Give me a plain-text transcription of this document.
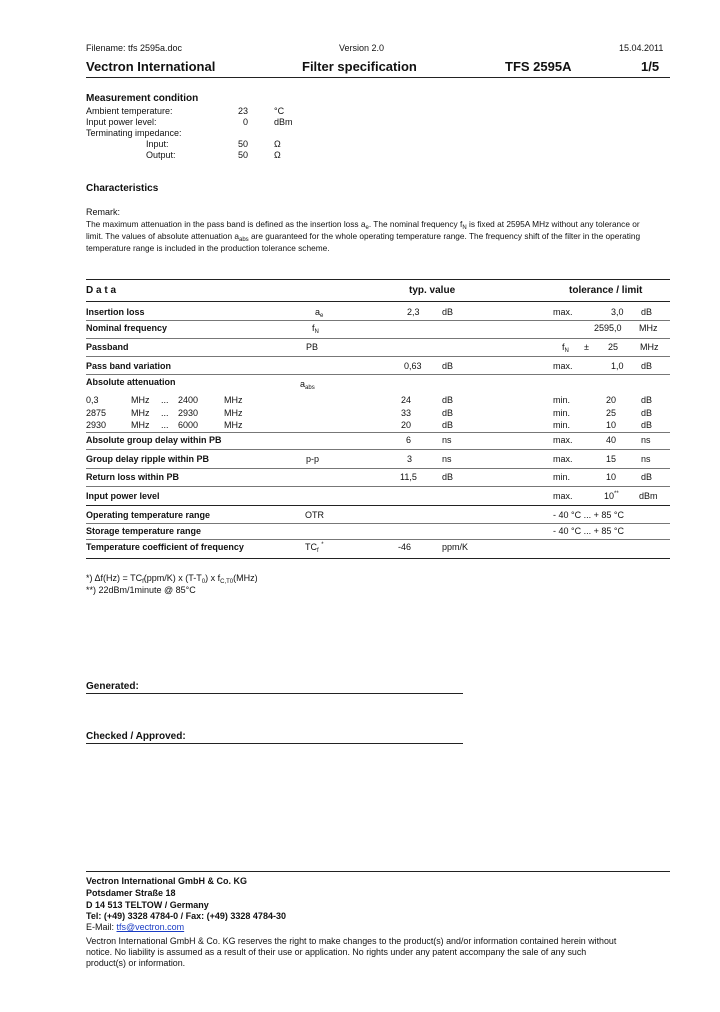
Filename: tfs 2595a.doc	Version 2.0	15.04.2011
Vectron International	Filter specification	TFS 2595A	1/5
Measurement condition
Ambient temperature:	23	°C
Input power level:	0	dBm
Terminating impedance:
Input:	50	Ω
Output:	50	Ω
Characteristics
Remark:
The maximum attenuation in the pass band is defined as the insertion loss $a_e$. The nominal frequency $f_N$ is fixed at 2595A MHz without any tolerance or
limit. The values of absolute attenuation $a_{abs}$ are guaranteed for the whole operating temperature range. The frequency shift of the filter in the operating
temperature range is included in the production tolerance scheme.
D a t a	typ. value	tolerance / limit
Insertion loss	$a_e$	2,3 dB	max.	3,0 dB
Nominal frequency	$f_N$	2595,0 MHz
Passband	PB	$f_N \pm 25$ MHz
Pass band variation	0,63 dB	max.	1,0 dB
Absolute attenuation	$a_{abs}$
0,3	MHz ... 2400	MHz	24	dB	min.	20	dB
2875	MHz ... 2930	MHz	33	dB	min.	25	dB
2930	MHz ... 6000	MHz	20	dB	min.	10	dB
Absolute group delay within PB	6	ns	max.	40	ns
Group delay ripple within PB	p-p	3	ns	max.	15	ns
Return loss within PB	11,5	dB	min.	10	dB
Input power level	max.	10** dBm
Operating temperature range	OTR	- 40 °C ... + 85 °C
Storage temperature range	- 40 °C ... + 85 °C
Temperature coefficient of frequency	$TC_f$ *	-46	ppm/K
*) $\Delta f(Hz) = TC_f(ppm/K)$ x $(T-T_0)$ x $f_{C,T0}(MHz)$
**) 22dBm/1minute @ 85°C
Generated:
Checked / Approved:
Vectron International GmbH & Co. KG
Potsdamer Straße 18
D 14 513 TELTOW / Germany
Tel: (+49) 3328 4784-0 / Fax: (+49) 3328 4784-30
E-Mail: tfs@vectron.com
Vectron International GmbH & Co. KG reserves the right to make changes to the product(s) and/or information contained herein without
notice. No liability is assumed as a result of their use or application. No rights under any patent accompany the sale of any such
product(s) or information.
